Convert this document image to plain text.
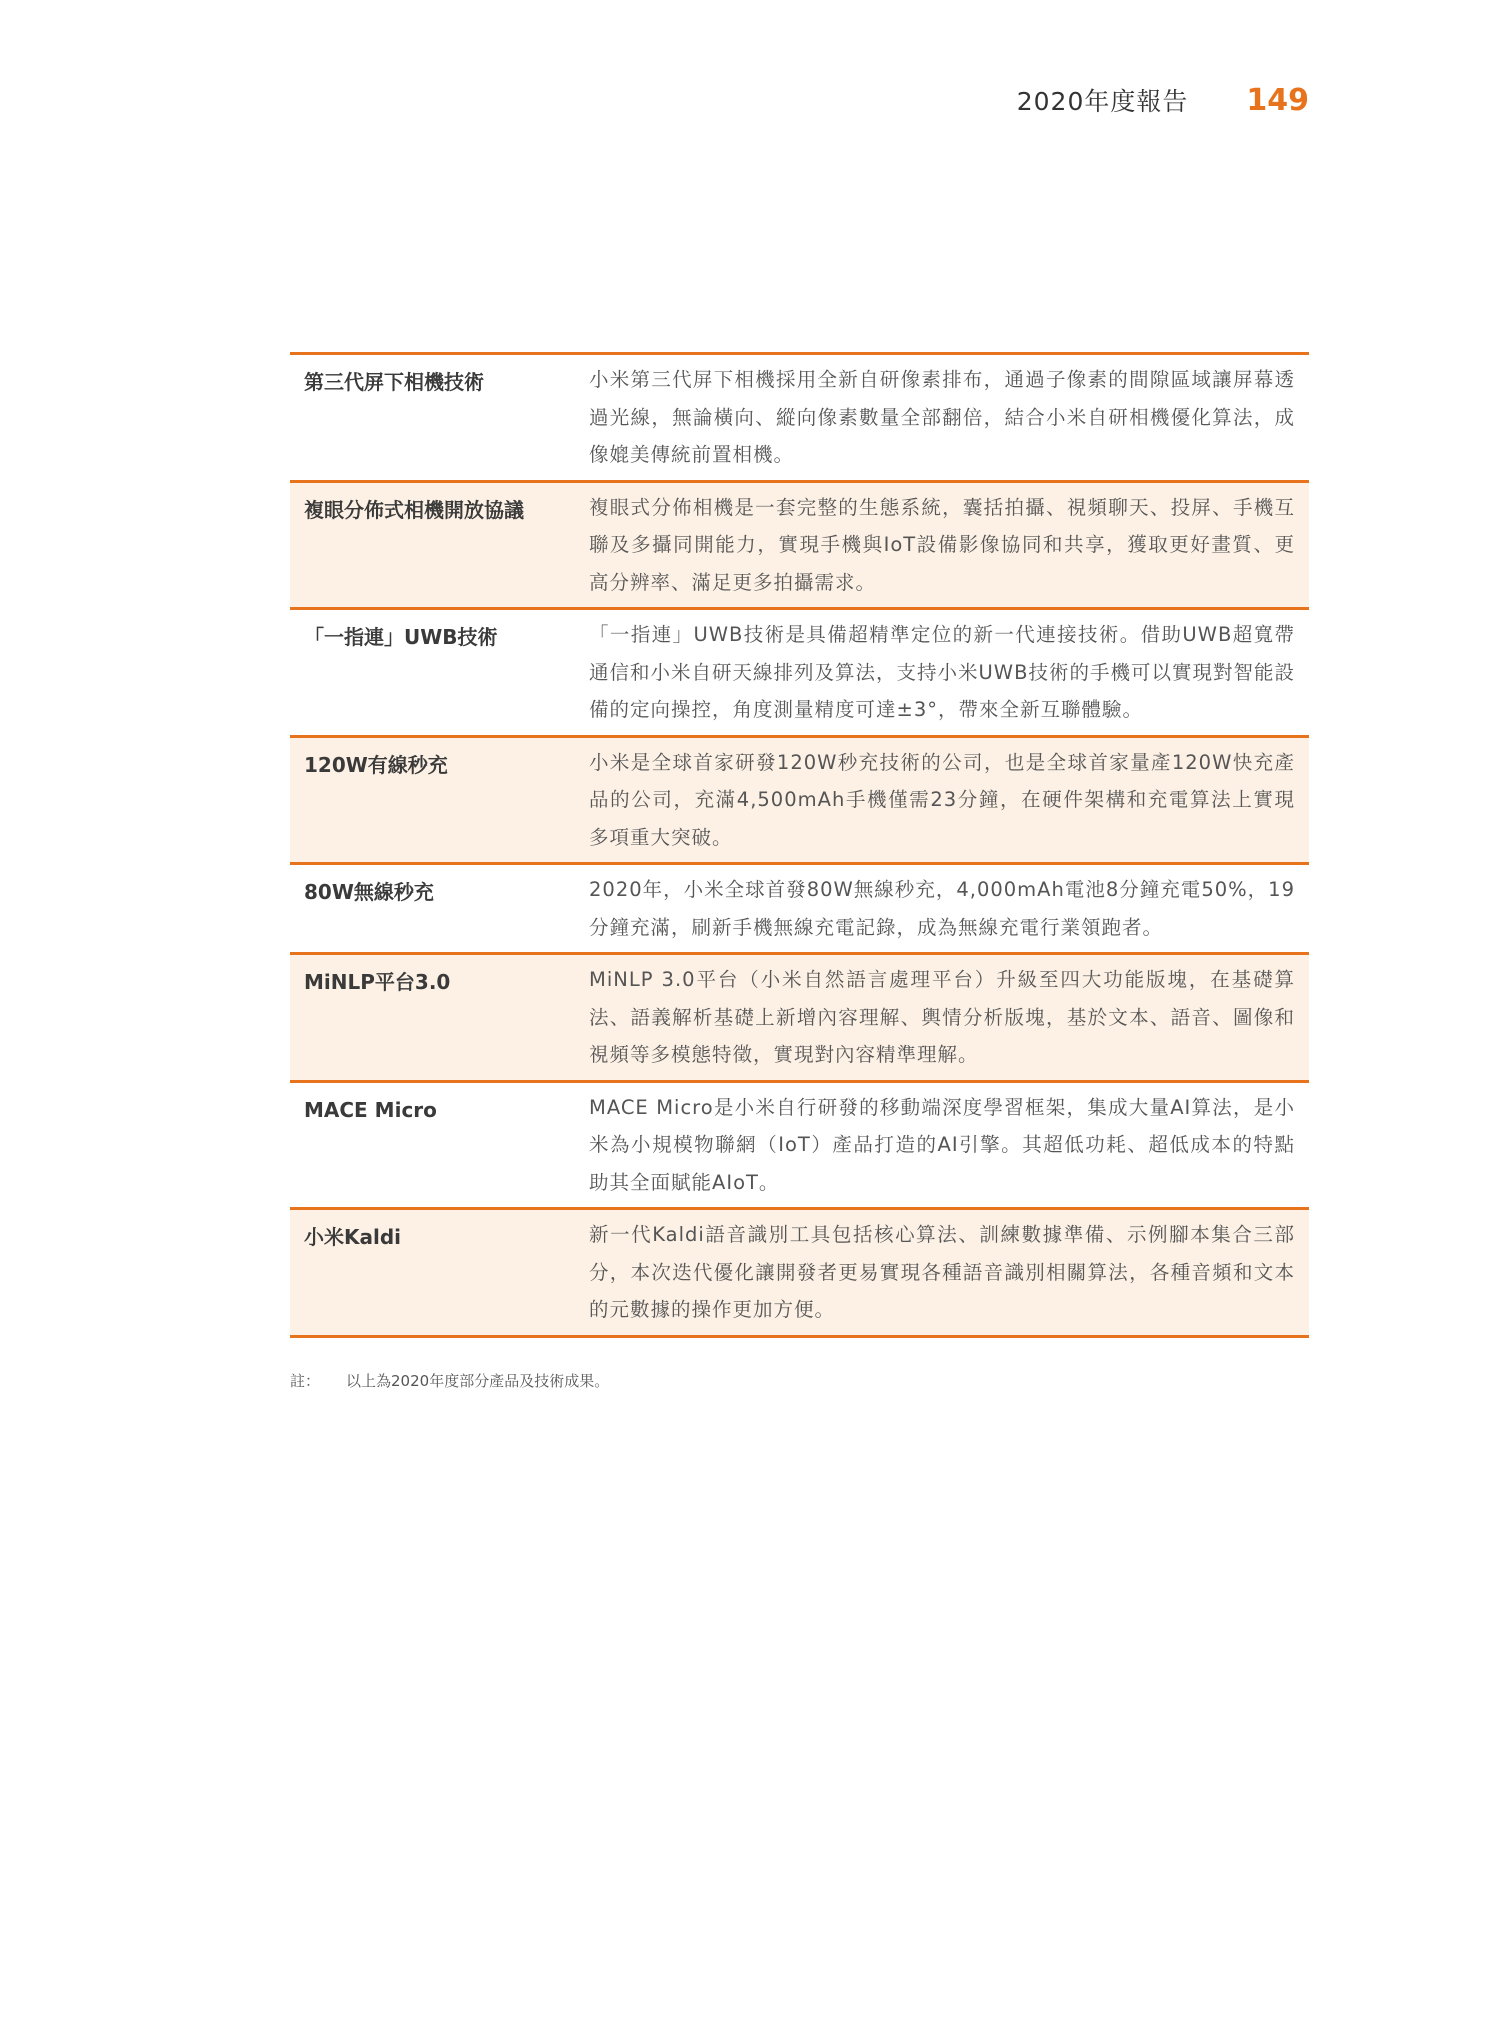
2020年度報告 149
第三代屏下相機技術	小米第三代屏下相機採用全新自研像素排布，通過子像素的間隙區域讓屏幕透過光線，無論橫向、縱向像素數量全部翻倍，結合小米自研相機優化算法，成像媲美傳統前置相機。
複眼分佈式相機開放協議	複眼式分佈相機是一套完整的生態系統，囊括拍攝、視頻聊天、投屏、手機互聯及多攝同開能力，實現手機與IoT設備影像協同和共享，獲取更好畫質、更高分辨率、滿足更多拍攝需求。
「一指連」UWB技術	「一指連」UWB技術是具備超精準定位的新一代連接技術。借助UWB超寬帶通信和小米自研天線排列及算法，支持小米UWB技術的手機可以實現對智能設備的定向操控，角度測量精度可達±3°，帶來全新互聯體驗。
120W有線秒充	小米是全球首家研發120W秒充技術的公司，也是全球首家量產120W快充產品的公司，充滿4,500mAh手機僅需23分鐘，在硬件架構和充電算法上實現多項重大突破。
80W無線秒充	2020年，小米全球首發80W無線秒充，4,000mAh電池8分鐘充電50%，19分鐘充滿，刷新手機無線充電記錄，成為無線充電行業領跑者。
MiNLP平台3.0	MiNLP 3.0平台（小米自然語言處理平台）升級至四大功能版塊，在基礎算法、語義解析基礎上新增內容理解、輿情分析版塊，基於文本、語音、圖像和視頻等多模態特徵，實現對內容精準理解。
MACE Micro	MACE Micro是小米自行研發的移動端深度學習框架，集成大量AI算法，是小米為小規模物聯網（IoT）產品打造的AI引擎。其超低功耗、超低成本的特點助其全面賦能AIoT。
小米Kaldi	新一代Kaldi語音識別工具包括核心算法、訓練數據準備、示例腳本集合三部分，本次迭代優化讓開發者更易實現各種語音識別相關算法，各種音頻和文本的元數據的操作更加方便。
註： 以上為2020年度部分產品及技術成果。
